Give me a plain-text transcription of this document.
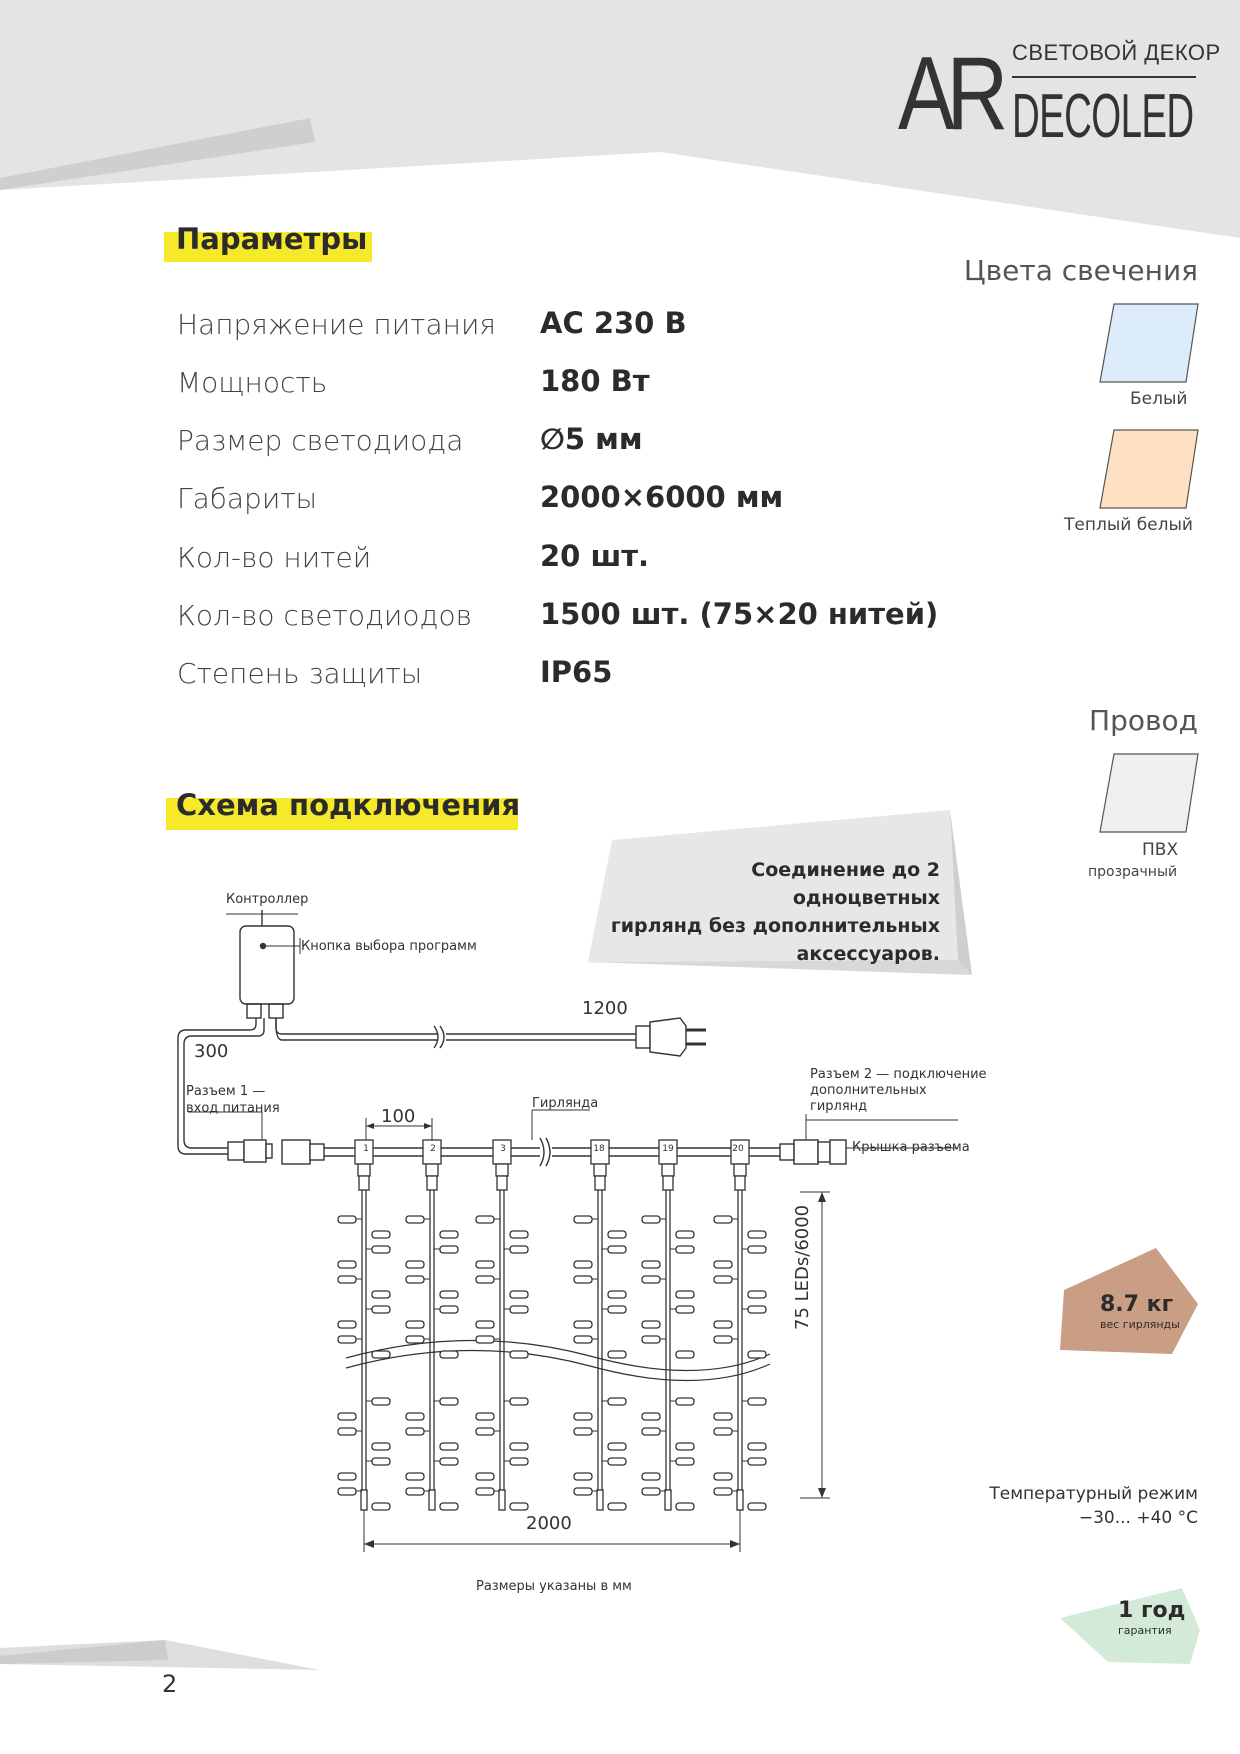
СВЕТОВОЙ ДЕКОР
AR DECOLED
Параметры
Напряжение питания AC 230 В
Мощность	180 Вт
Размер светодиода	∅5 мм
Габариты	2000×6000 мм
Кол-во нитей	20 шт.
Кол-во светодиодов 1500 шт. (75×20 нитей)
Степень защиты	IP65
Цвета свечения
Белый
Теплый белый
Провод
ПВХ
прозрачный
Схема подключения
Соединение до 2 одноцветных
гирлянд без дополнительных
аксессуаров.
Контроллер
Кнопка выбора программ
1200
300
Разъем 1 —
вход питания	100
Гирлянда
Разъем 2 — подключение
дополнительных
гирлянд
Крышка разъема
75 LEDs/6000
2000
Размеры указаны в мм
1	2	3	18	19	20
8.7 кг
вес гирлянды
Температурный режим
−30... +40 °С
1 год
гарантия
2
